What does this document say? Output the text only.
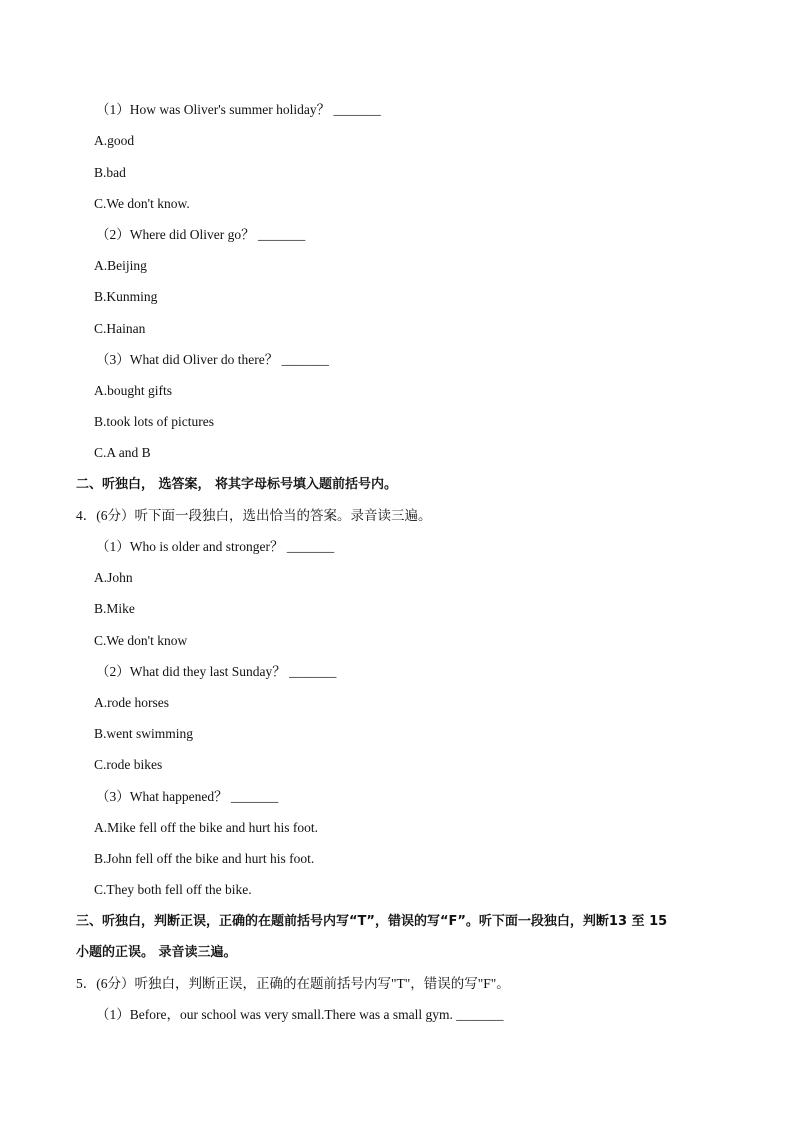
（1）How was Oliver's summer holiday？ _______
A.good
B.bad
C.We don't know.
（2）Where did Oliver go？ _______
A.Beijing
B.Kunming
C.Hainan
（3）What did Oliver do there？ _______
A.bought gifts
B.took lots of pictures
C.A and B
二、听独白， 选答案， 将其字母标号填入题前括号内。
4．(6分）听下面一段独白，选出恰当的答案。录音读三遍。
（1）Who is older and stronger？ _______
A.John
B.Mike
C.We don't know
（2）What did they last Sunday？ _______
A.rode horses
B.went swimming
C.rode bikes
（3）What happened？ _______
A.Mike fell off the bike and hurt his foot.
B.John fell off the bike and hurt his foot.
C.They both fell off the bike.
三、听独白，判断正误，正确的在题前括号内写“T”，错误的写“F”。听下面一段独白，判断13 至 15
小题的正误。 录音读三遍。
5．(6分）听独白，判断正误，正确的在题前括号内写"T"，错误的写"F"。
（1）Before，our school was very small.There was a small gym. _______
